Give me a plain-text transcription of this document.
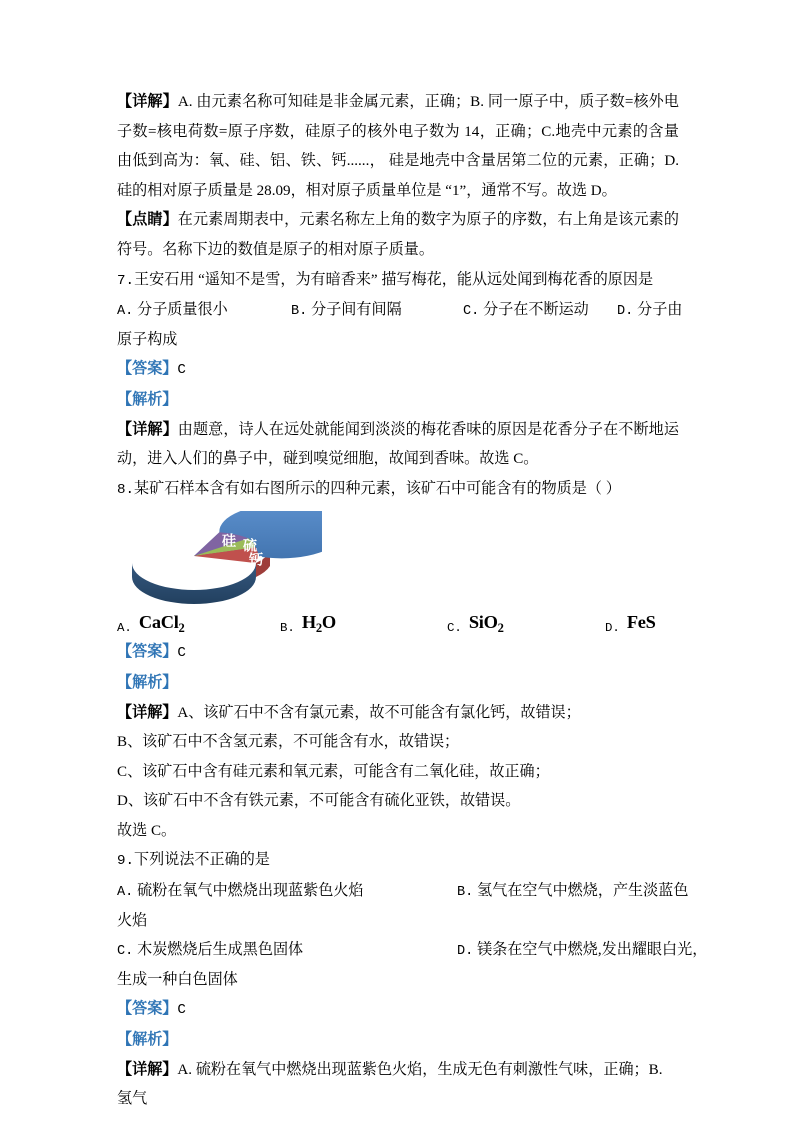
【详解】A. 由元素名称可知硅是非金属元素，正确；B. 同一原子中，质子数=核外电子数=核电荷数=原子序数，硅原子的核外电子数为 14，正确；C.地壳中元素的含量由低到高为：氧、硅、铝、铁、钙......， 硅是地壳中含量居第二位的元素，正确；D. 硅的相对原子质量是 28.09，相对原子质量单位是 “1”，通常不写。故选 D。

【点睛】在元素周期表中，元素名称左上角的数字为原子的序数，右上角是该元素的符号。名称下边的数值是原子的相对原子质量。

7.王安石用 “遥知不是雪，为有暗香来” 描写梅花，能从远处闻到梅花香的原因是

A. 分子质量很小	B. 分子间有间隔	C. 分子在不断运动 D. 分子由

原子构成

【答案】C

【解析】

【详解】由题意，诗人在远处就能闻到淡淡的梅花香味的原因是花香分子在不断地运动，进入人们的鼻子中，碰到嗅觉细胞，故闻到香味。故选 C。

8.某矿石样本含有如右图所示的四种元素，该矿石中可能含有的物质是（ ）

氧
硅 硫
钙
A. CaCl$_2$	B. $H_2O$	C. SiO$_2$	D. FeS

【答案】C

【解析】

【详解】A、该矿石中不含有氯元素，故不可能含有氯化钙，故错误；

B、该矿石中不含氢元素，不可能含有水，故错误；

C、该矿石中含有硅元素和氧元素，可能含有二氧化硅，故正确；

D、该矿石中不含有铁元素，不可能含有硫化亚铁，故错误。

故选 C。

9.下列说法不正确的是

A. 硫粉在氧气中燃烧出现蓝紫色火焰	B. 氢气在空气中燃烧，产生淡蓝色

火焰

C. 木炭燃烧后生成黑色固体	D. 镁条在空气中燃烧,发出耀眼白光，

生成一种白色固体

【答案】C

【解析】

【详解】A. 硫粉在氧气中燃烧出现蓝紫色火焰，生成无色有刺激性气味，正确；B. 氢气
